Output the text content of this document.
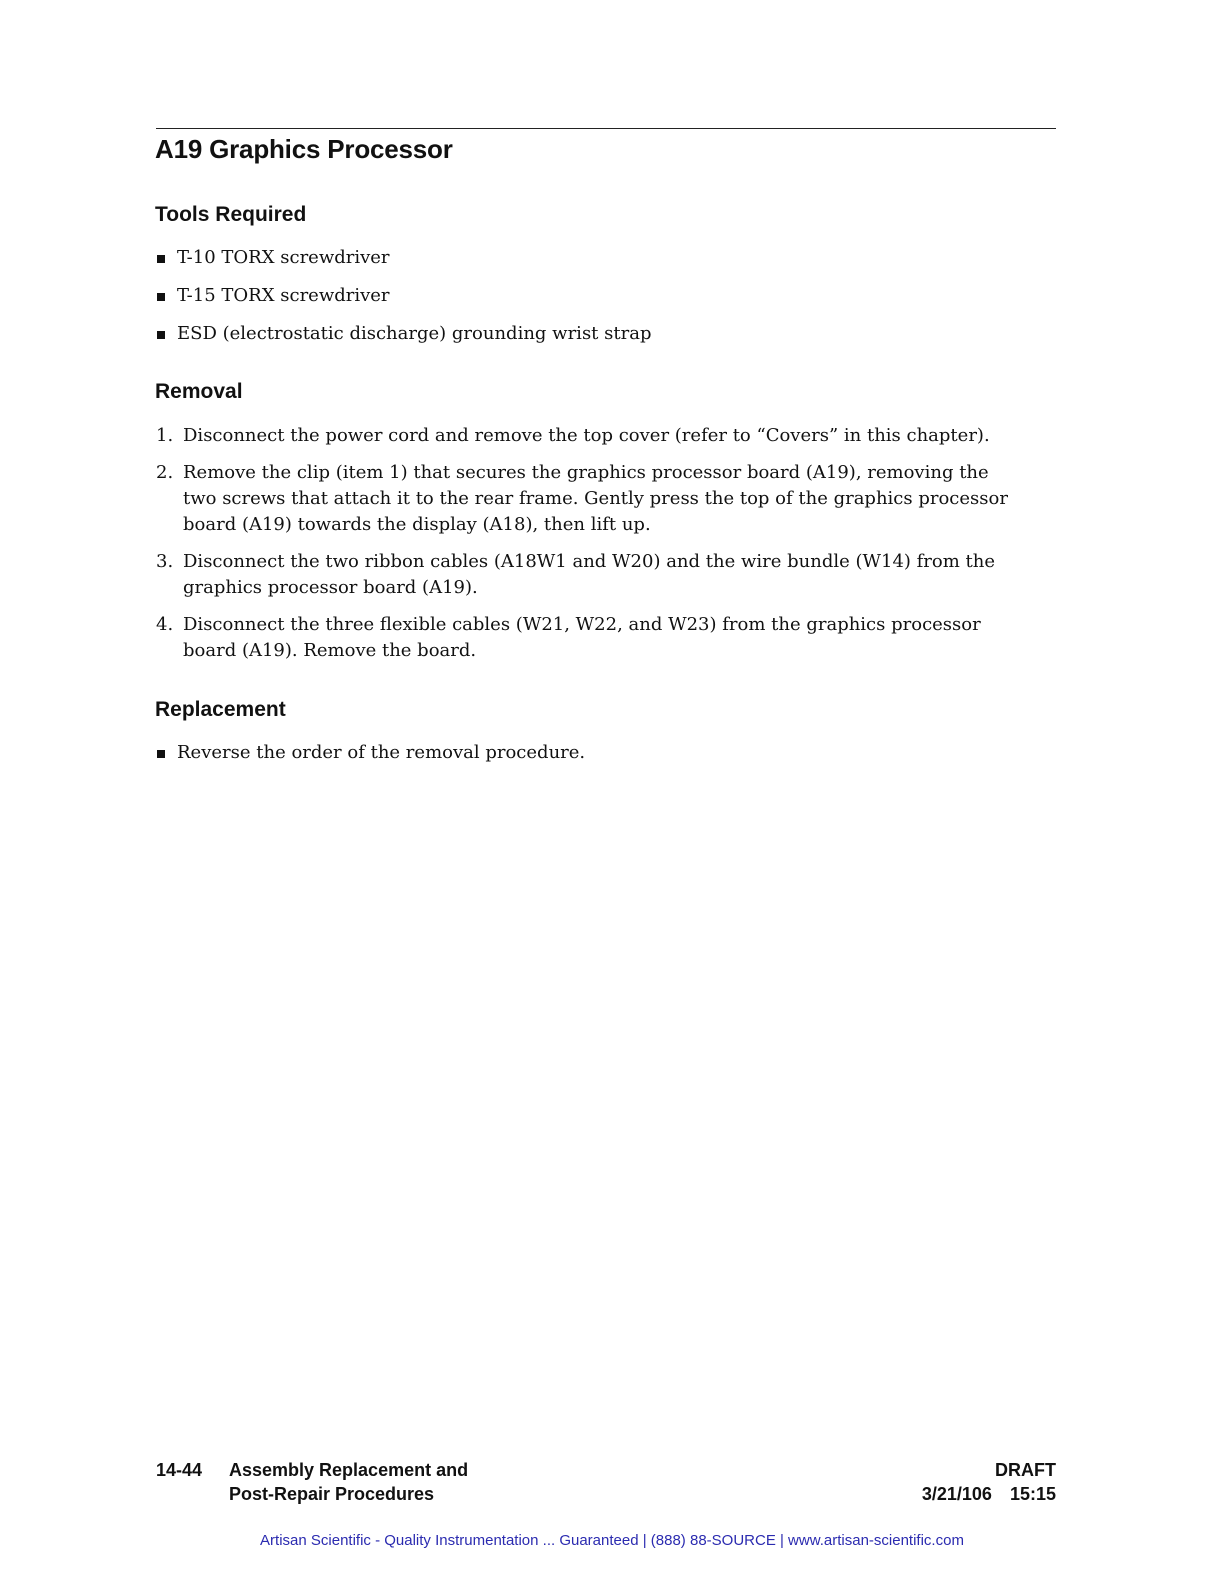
A19 Graphics Processor
Tools Required
T-10 TORX screwdriver
T-15 TORX screwdriver
ESD (electrostatic discharge) grounding wrist strap
Removal
1. Disconnect the power cord and remove the top cover (refer to “Covers” in this chapter).
2. Remove the clip (item 1) that secures the graphics processor board (A19), removing the
two screws that attach it to the rear frame. Gently press the top of the graphics processor
board (A19) towards the display (A18), then lift up.
3. Disconnect the two ribbon cables (A18W1 and W20) and the wire bundle (W14) from the
graphics processor board (A19).
4. Disconnect the three ﬂexible cables (W21, W22, and W23) from the graphics processor
board (A19). Remove the board.
Replacement
Reverse the order of the removal procedure.
14-44 Assembly Replacement and
Post-Repair Procedures
DRAFT
3/21/106 15:15
Artisan Scientific - Quality Instrumentation ... Guaranteed | (888) 88-SOURCE | www.artisan-scientific.com
